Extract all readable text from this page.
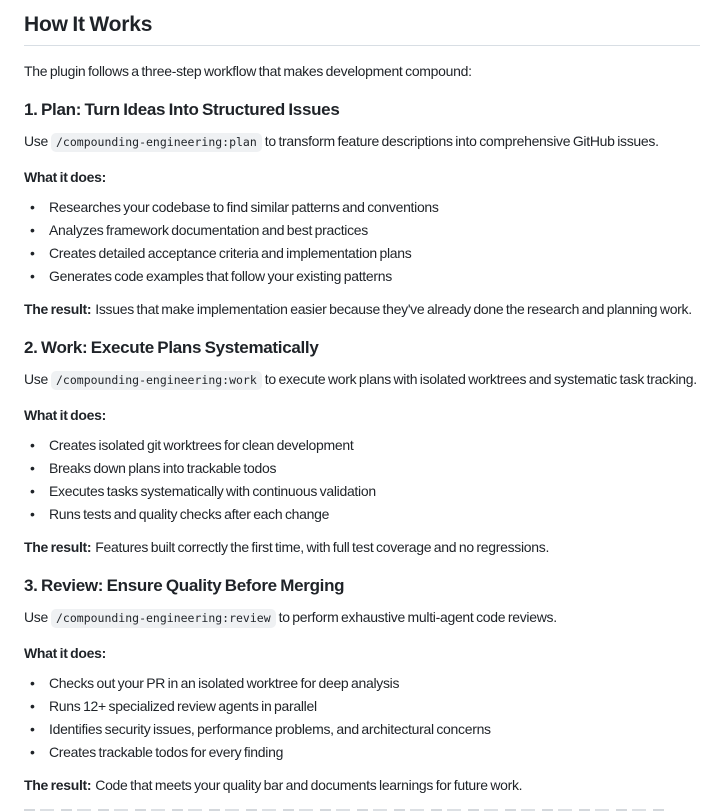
How It Works

The plugin follows a three-step workflow that makes development compound:

1. Plan: Turn Ideas Into Structured Issues

Use /compounding-engineering:plan to transform feature descriptions into comprehensive GitHub issues.

What it does:

• Researches your codebase to find similar patterns and conventions
• Analyzes framework documentation and best practices
• Creates detailed acceptance criteria and implementation plans
• Generates code examples that follow your existing patterns

The result: Issues that make implementation easier because they've already done the research and planning work.

2. Work: Execute Plans Systematically

Use /compounding-engineering:work to execute work plans with isolated worktrees and systematic task tracking.

What it does:

• Creates isolated git worktrees for clean development
• Breaks down plans into trackable todos
• Executes tasks systematically with continuous validation
• Runs tests and quality checks after each change

The result: Features built correctly the first time, with full test coverage and no regressions.

3. Review: Ensure Quality Before Merging

Use /compounding-engineering:review to perform exhaustive multi-agent code reviews.

What it does:

• Checks out your PR in an isolated worktree for deep analysis
• Runs 12+ specialized review agents in parallel
• Identifies security issues, performance problems, and architectural concerns
• Creates trackable todos for every finding

The result: Code that meets your quality bar and documents learnings for future work.
